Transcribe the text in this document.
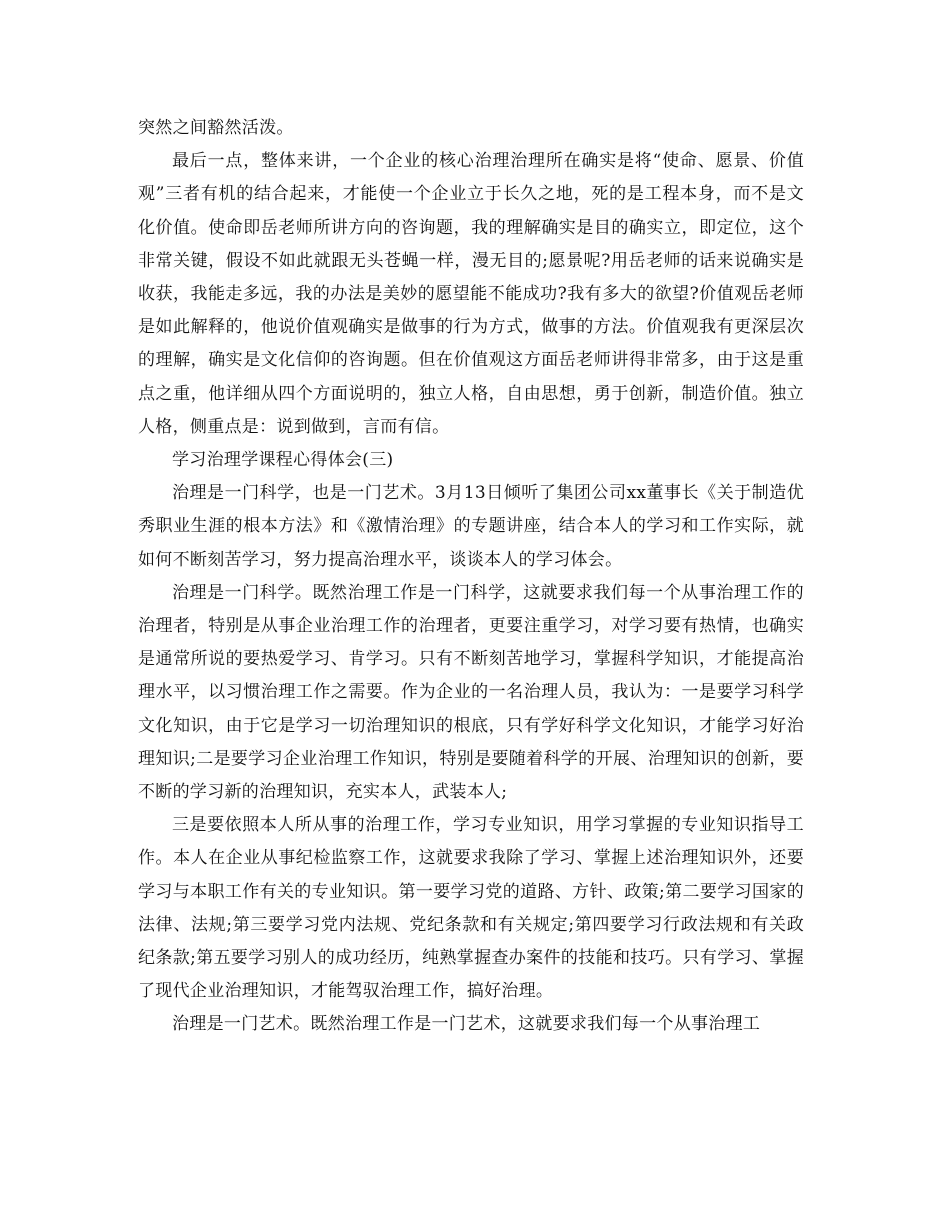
突然之间豁然活泼。

最后一点，整体来讲，一个企业的核心治理治理所在确实是将“使命、愿景、价值观”三者有机的结合起来，才能使一个企业立于长久之地，死的是工程本身，而不是文化价值。使命即岳老师所讲方向的咨询题，我的理解确实是目的确实立，即定位，这个非常关键，假设不如此就跟无头苍蝇一样，漫无目的;愿景呢?用岳老师的话来说确实是收获，我能走多远，我的办法是美妙的愿望能不能成功?我有多大的欲望?价值观岳老师是如此解释的，他说价值观确实是做事的行为方式，做事的方法。价值观我有更深层次的理解，确实是文化信仰的咨询题。但在价值观这方面岳老师讲得非常多，由于这是重点之重，他详细从四个方面说明的，独立人格，自由思想，勇于创新，制造价值。独立人格，侧重点是：说到做到，言而有信。

学习治理学课程心得体会(三)

治理是一门科学，也是一门艺术。3月13日倾听了集团公司xx董事长《关于制造优秀职业生涯的根本方法》和《激情治理》的专题讲座，结合本人的学习和工作实际，就如何不断刻苦学习，努力提高治理水平，谈谈本人的学习体会。

治理是一门科学。既然治理工作是一门科学，这就要求我们每一个从事治理工作的治理者，特别是从事企业治理工作的治理者，更要注重学习，对学习要有热情，也确实是通常所说的要热爱学习、肯学习。只有不断刻苦地学习，掌握科学知识，才能提高治理水平，以习惯治理工作之需要。作为企业的一名治理人员，我认为：一是要学习科学文化知识，由于它是学习一切治理知识的根底，只有学好科学文化知识，才能学习好治理知识;二是要学习企业治理工作知识，特别是要随着科学的开展、治理知识的创新，要不断的学习新的治理知识，充实本人，武装本人;

三是要依照本人所从事的治理工作，学习专业知识，用学习掌握的专业知识指导工作。本人在企业从事纪检监察工作，这就要求我除了学习、掌握上述治理知识外，还要学习与本职工作有关的专业知识。第一要学习党的道路、方针、政策;第二要学习国家的法律、法规;第三要学习党内法规、党纪条款和有关规定;第四要学习行政法规和有关政纪条款;第五要学习别人的成功经历，纯熟掌握查办案件的技能和技巧。只有学习、掌握了现代企业治理知识，才能驾驭治理工作，搞好治理。

治理是一门艺术。既然治理工作是一门艺术，这就要求我们每一个从事治理工
